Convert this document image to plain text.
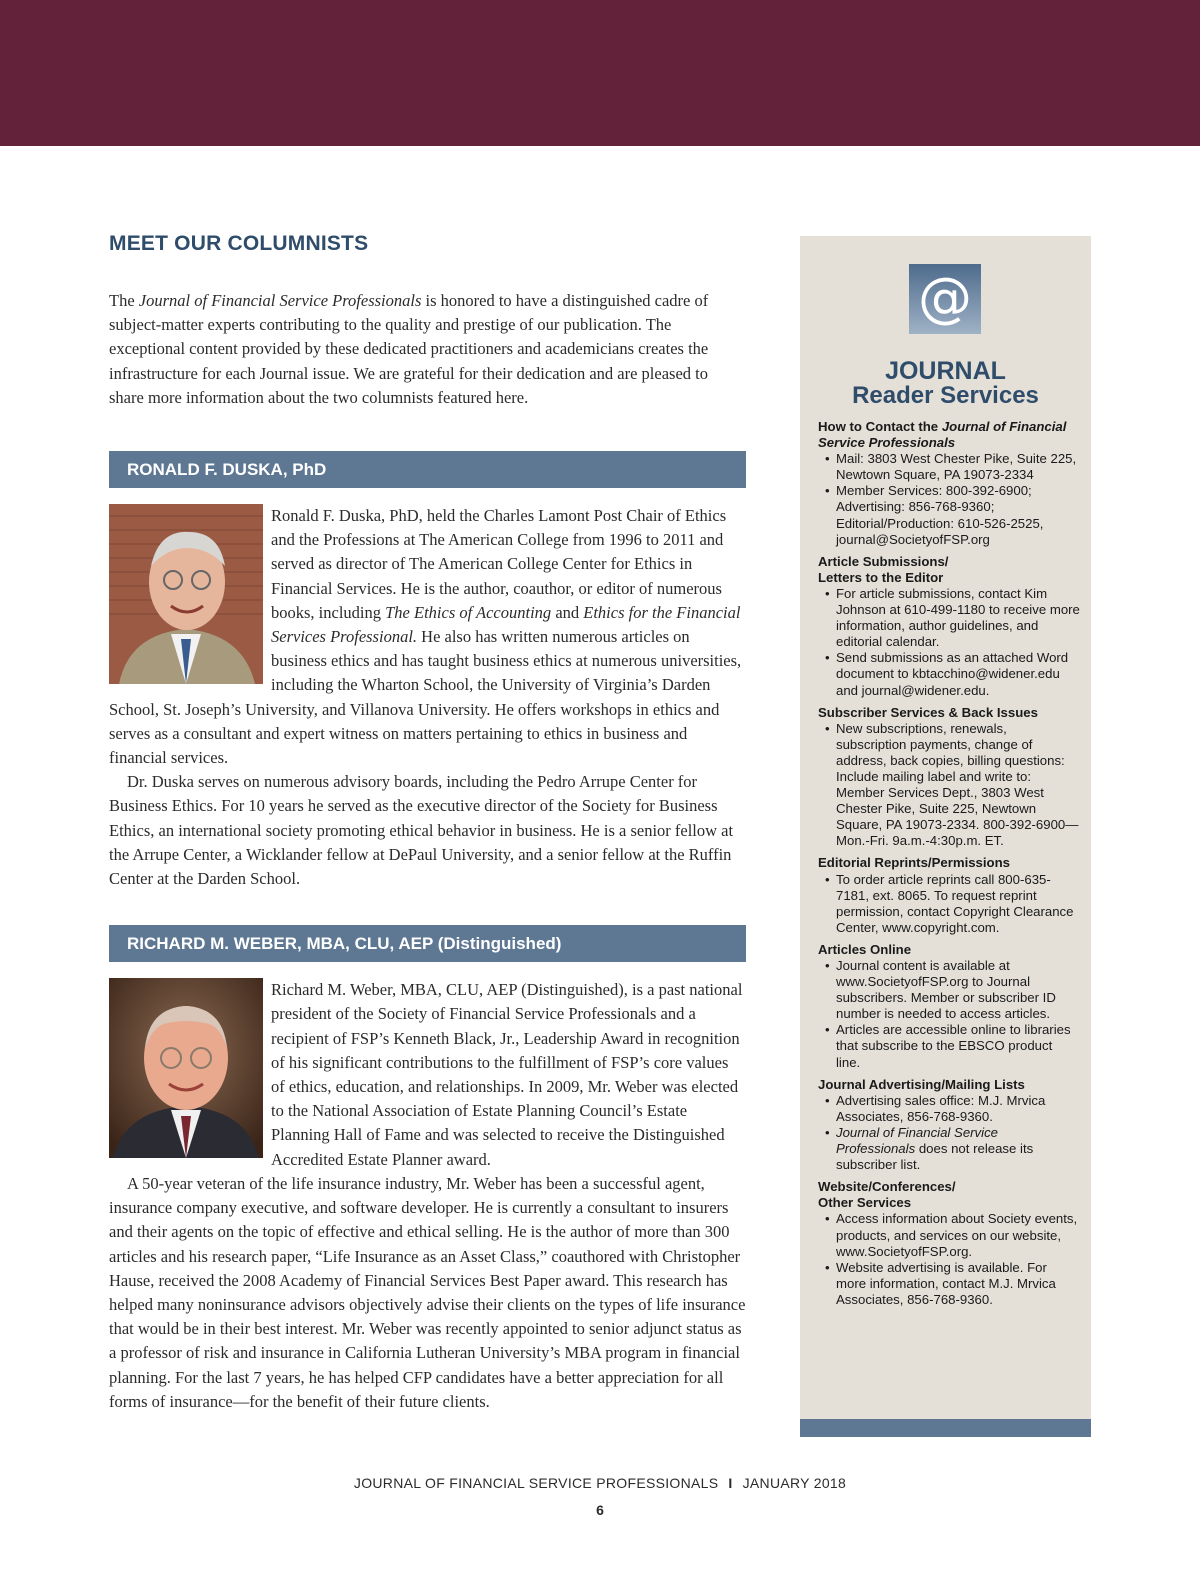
MEET OUR COLUMNISTS

The Journal of Financial Service Professionals is honored to have a distinguished cadre of subject-matter experts contributing to the quality and prestige of our publication. The exceptional content provided by these dedicated practitioners and academicians creates the infrastructure for each Journal issue. We are grateful for their dedication and are pleased to share more information about the two columnists featured here.

RONALD F. DUSKA, PhD

Ronald F. Duska, PhD, held the Charles Lamont Post Chair of Ethics and the Professions at The American College from 1996 to 2011 and served as director of The American College Center for Ethics in Financial Services. He is the author, coauthor, or editor of numerous books, including The Ethics of Accounting and Ethics for the Financial Services Professional. He also has written numerous articles on business ethics and has taught business ethics at numerous universities, including the Wharton School, the University of Virginia’s Darden School, St. Joseph’s University, and Villanova University. He offers workshops in ethics and serves as a consultant and expert witness on matters pertaining to ethics in business and financial services.

Dr. Duska serves on numerous advisory boards, including the Pedro Arrupe Center for Business Ethics. For 10 years he served as the executive director of the Society for Business Ethics, an international society promoting ethical behavior in business. He is a senior fellow at the Arrupe Center, a Wicklander fellow at DePaul University, and a senior fellow at the Ruffin Center at the Darden School.

RICHARD M. WEBER, MBA, CLU, AEP (Distinguished)

Richard M. Weber, MBA, CLU, AEP (Distinguished), is a past national president of the Society of Financial Service Professionals and a recipient of FSP’s Kenneth Black, Jr., Leadership Award in recognition of his significant contributions to the fulfillment of FSP’s core values of ethics, education, and relationships. In 2009, Mr. Weber was elected to the National Association of Estate Planning Council’s Estate Planning Hall of Fame and was selected to receive the Distinguished Accredited Estate Planner award.

A 50-year veteran of the life insurance industry, Mr. Weber has been a successful agent, insurance company executive, and software developer. He is currently a consultant to insurers and their agents on the topic of effective and ethical selling. He is the author of more than 300 articles and his research paper, “Life Insurance as an Asset Class,” coauthored with Christopher Hause, received the 2008 Academy of Financial Services Best Paper award. This research has helped many noninsurance advisors objectively advise their clients on the types of life insurance that would be in their best interest. Mr. Weber was recently appointed to senior adjunct status as a professor of risk and insurance in California Lutheran University’s MBA program in financial planning. For the last 7 years, he has helped CFP candidates have a better appreciation for all forms of insurance—for the benefit of their future clients.

@
JOURNAL
Reader Services
How to Contact the Journal of Financial Service Professionals
• Mail: 3803 West Chester Pike, Suite 225, Newtown Square, PA 19073-2334
• Member Services: 800-392-6900; Advertising: 856-768-9360; Editorial/Production: 610-526-2525, journal@SocietyofFSP.org
Article Submissions/
Letters to the Editor
• For article submissions, contact Kim Johnson at 610-499-1180 to receive more information, author guidelines, and editorial calendar.
• Send submissions as an attached Word document to kbtacchino@widener.edu and journal@widener.edu.
Subscriber Services & Back Issues
• New subscriptions, renewals, subscription payments, change of address, back copies, billing questions: Include mailing label and write to: Member Services Dept., 3803 West Chester Pike, Suite 225, Newtown Square, PA 19073-2334. 800-392-6900—Mon.-Fri. 9a.m.-4:30p.m. ET.
Editorial Reprints/Permissions
• To order article reprints call 800-635-7181, ext. 8065. To request reprint permission, contact Copyright Clearance Center, www.copyright.com.
Articles Online
• Journal content is available at www.SocietyofFSP.org to Journal subscribers. Member or subscriber ID number is needed to access articles.
• Articles are accessible online to libraries that subscribe to the EBSCO product line.
Journal Advertising/Mailing Lists
• Advertising sales office: M.J. Mrvica Associates, 856-768-9360.
• Journal of Financial Service Professionals does not release its subscriber list.
Website/Conferences/
Other Services
• Access information about Society events, products, and services on our website, www.SocietyofFSP.org.
• Website advertising is available. For more information, contact M.J. Mrvica Associates, 856-768-9360.
JOURNAL OF FINANCIAL SERVICE PROFESSIONALS I JANUARY 2018
6
